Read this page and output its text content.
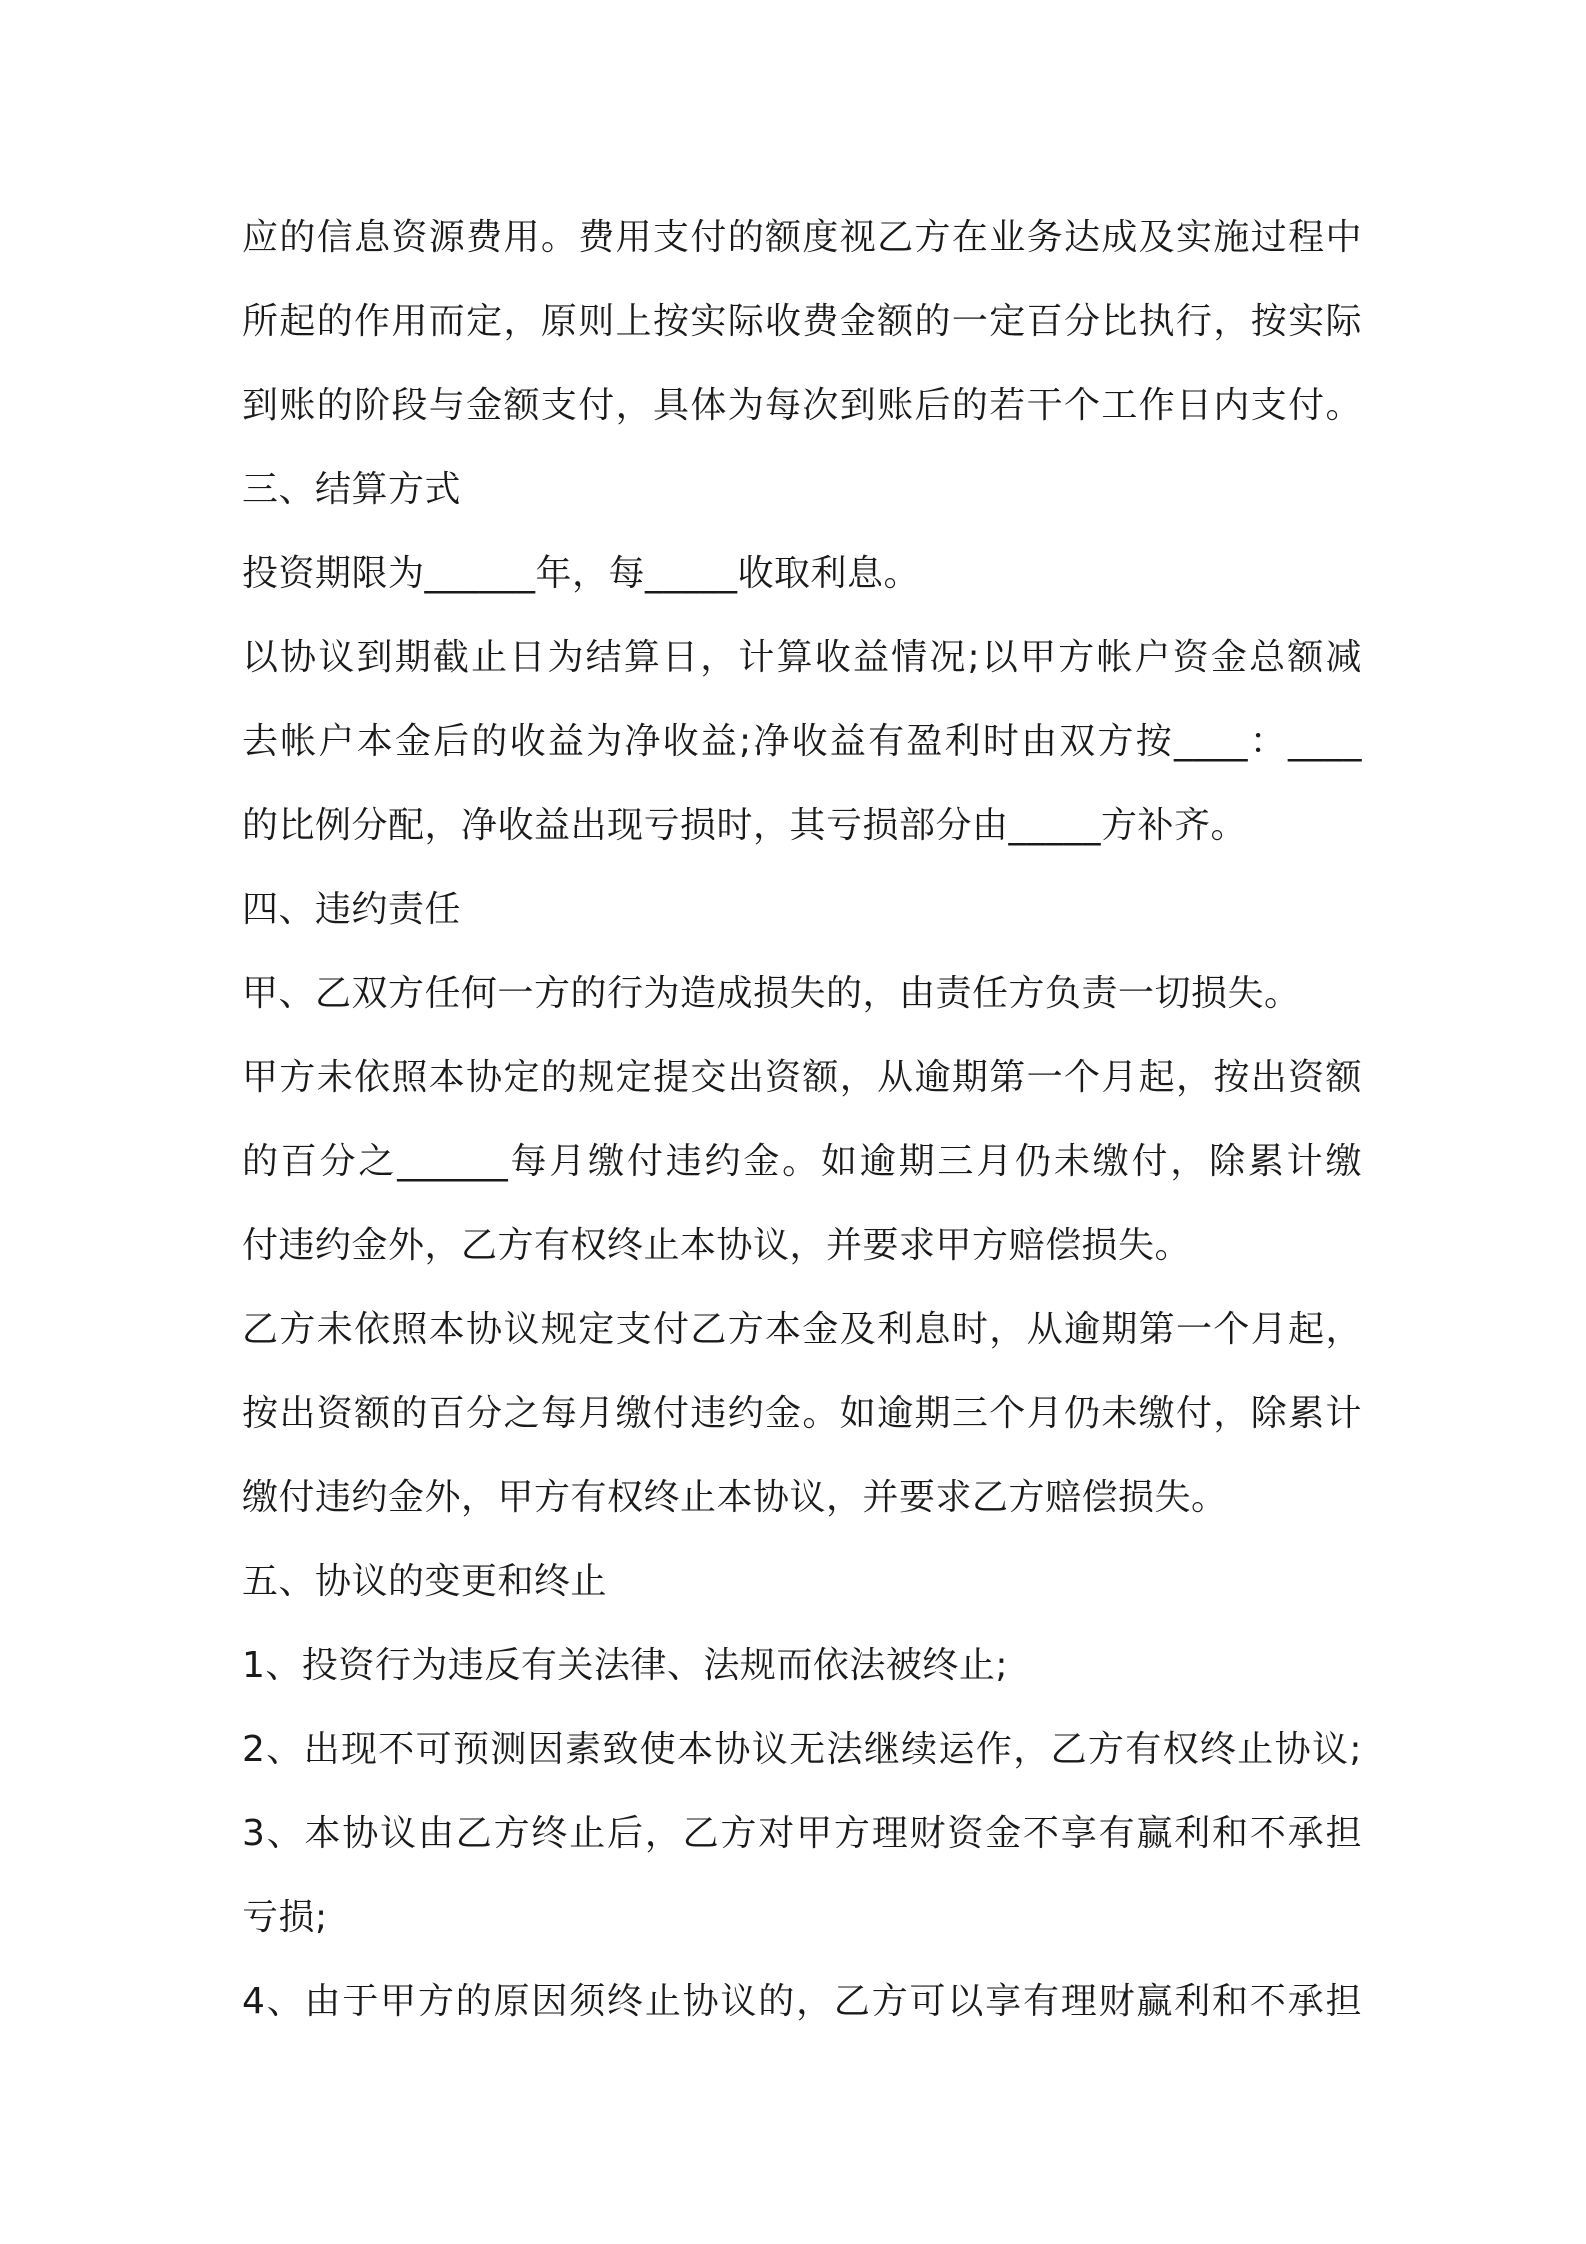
应的信息资源费用。费用支付的额度视乙方在业务达成及实施过程中
所起的作用而定，原则上按实际收费金额的一定百分比执行，按实际
到账的阶段与金额支付，具体为每次到账后的若干个工作日内支付。
三、结算方式
投资期限为______年，每_____收取利息。
以协议到期截止日为结算日，计算收益情况;以甲方帐户资金总额减
去帐户本金后的收益为净收益;净收益有盈利时由双方按____：____
的比例分配，净收益出现亏损时，其亏损部分由_____方补齐。
四、违约责任
甲、乙双方任何一方的行为造成损失的，由责任方负责一切损失。
甲方未依照本协定的规定提交出资额，从逾期第一个月起，按出资额
的百分之______每月缴付违约金。如逾期三月仍未缴付，除累计缴
付违约金外，乙方有权终止本协议，并要求甲方赔偿损失。
乙方未依照本协议规定支付乙方本金及利息时，从逾期第一个月起，
按出资额的百分之每月缴付违约金。如逾期三个月仍未缴付，除累计
缴付违约金外，甲方有权终止本协议，并要求乙方赔偿损失。
五、协议的变更和终止
1、投资行为违反有关法律、法规而依法被终止;
2、出现不可预测因素致使本协议无法继续运作，乙方有权终止协议;
3、本协议由乙方终止后，乙方对甲方理财资金不享有赢利和不承担
亏损;
4、由于甲方的原因须终止协议的，乙方可以享有理财赢利和不承担
